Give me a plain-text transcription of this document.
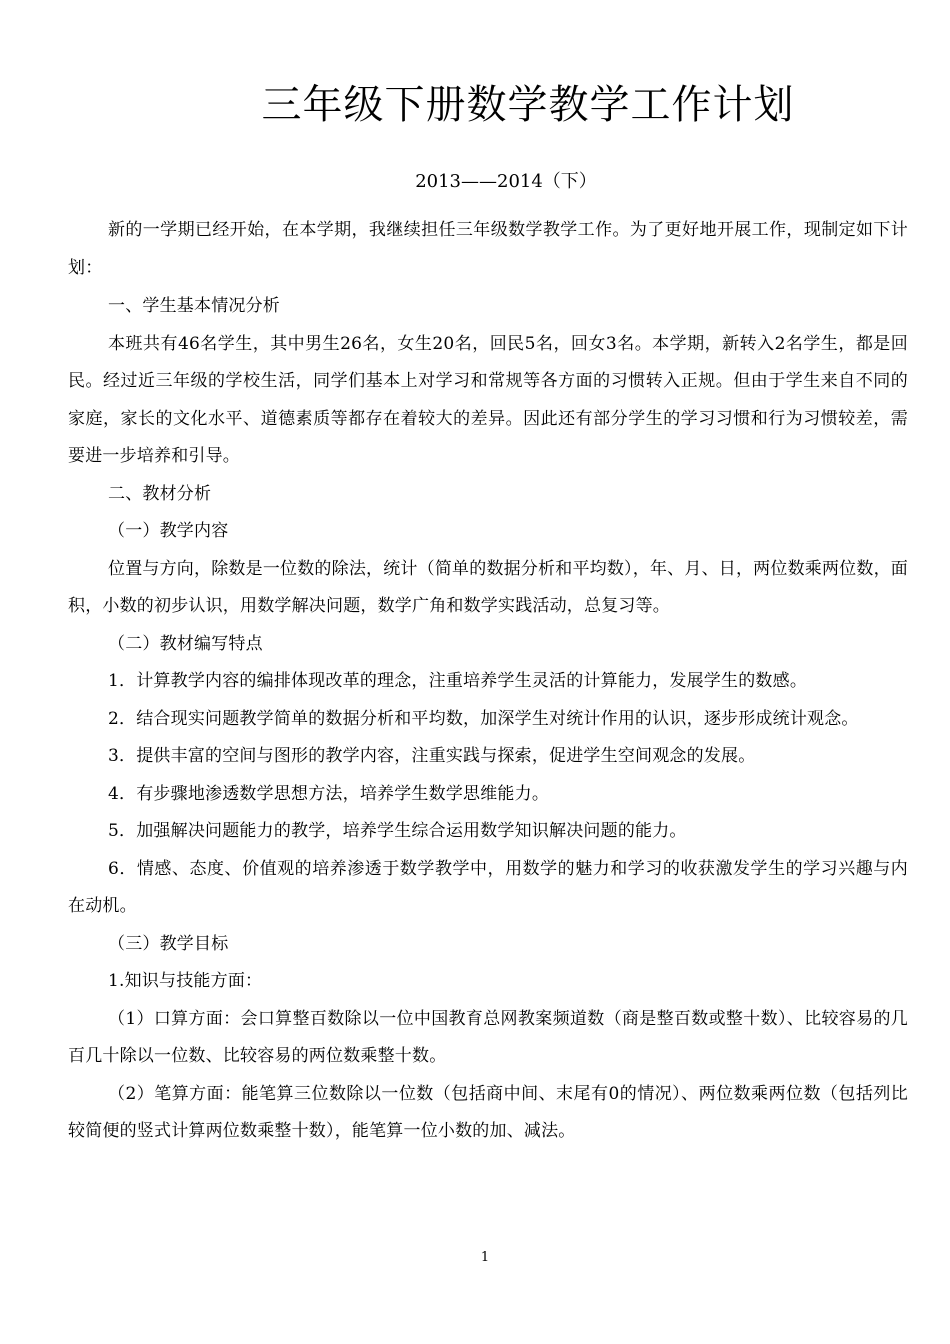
三年级下册数学教学工作计划
2013——2014（下）

新的一学期已经开始，在本学期，我继续担任三年级数学教学工作。为了更好地开展工作，现制定如下计划：

一、学生基本情况分析

本班共有46名学生，其中男生26名，女生20名，回民5名，回女3名。本学期，新转入2名学生，都是回民。经过近三年级的学校生活，同学们基本上对学习和常规等各方面的习惯转入正规。但由于学生来自不同的家庭，家长的文化水平、道德素质等都存在着较大的差异。因此还有部分学生的学习习惯和行为习惯较差，需要进一步培养和引导。

二、教材分析

（一）教学内容

位置与方向，除数是一位数的除法，统计（简单的数据分析和平均数），年、月、日，两位数乘两位数，面积，小数的初步认识，用数学解决问题，数学广角和数学实践活动，总复习等。

（二）教材编写特点

1．计算教学内容的编排体现改革的理念，注重培养学生灵活的计算能力，发展学生的数感。

2．结合现实问题教学简单的数据分析和平均数，加深学生对统计作用的认识，逐步形成统计观念。

3．提供丰富的空间与图形的教学内容，注重实践与探索，促进学生空间观念的发展。

4．有步骤地渗透数学思想方法，培养学生数学思维能力。

5．加强解决问题能力的教学，培养学生综合运用数学知识解决问题的能力。

6．情感、态度、价值观的培养渗透于数学教学中，用数学的魅力和学习的收获激发学生的学习兴趣与内在动机。

（三）教学目标

1.知识与技能方面：

（1）口算方面：会口算整百数除以一位中国教育总网教案频道数（商是整百数或整十数）、比较容易的几百几十除以一位数、比较容易的两位数乘整十数。

（2）笔算方面：能笔算三位数除以一位数（包括商中间、末尾有0的情况）、两位数乘两位数（包括列比较简便的竖式计算两位数乘整十数），能笔算一位小数的加、减法。

1
